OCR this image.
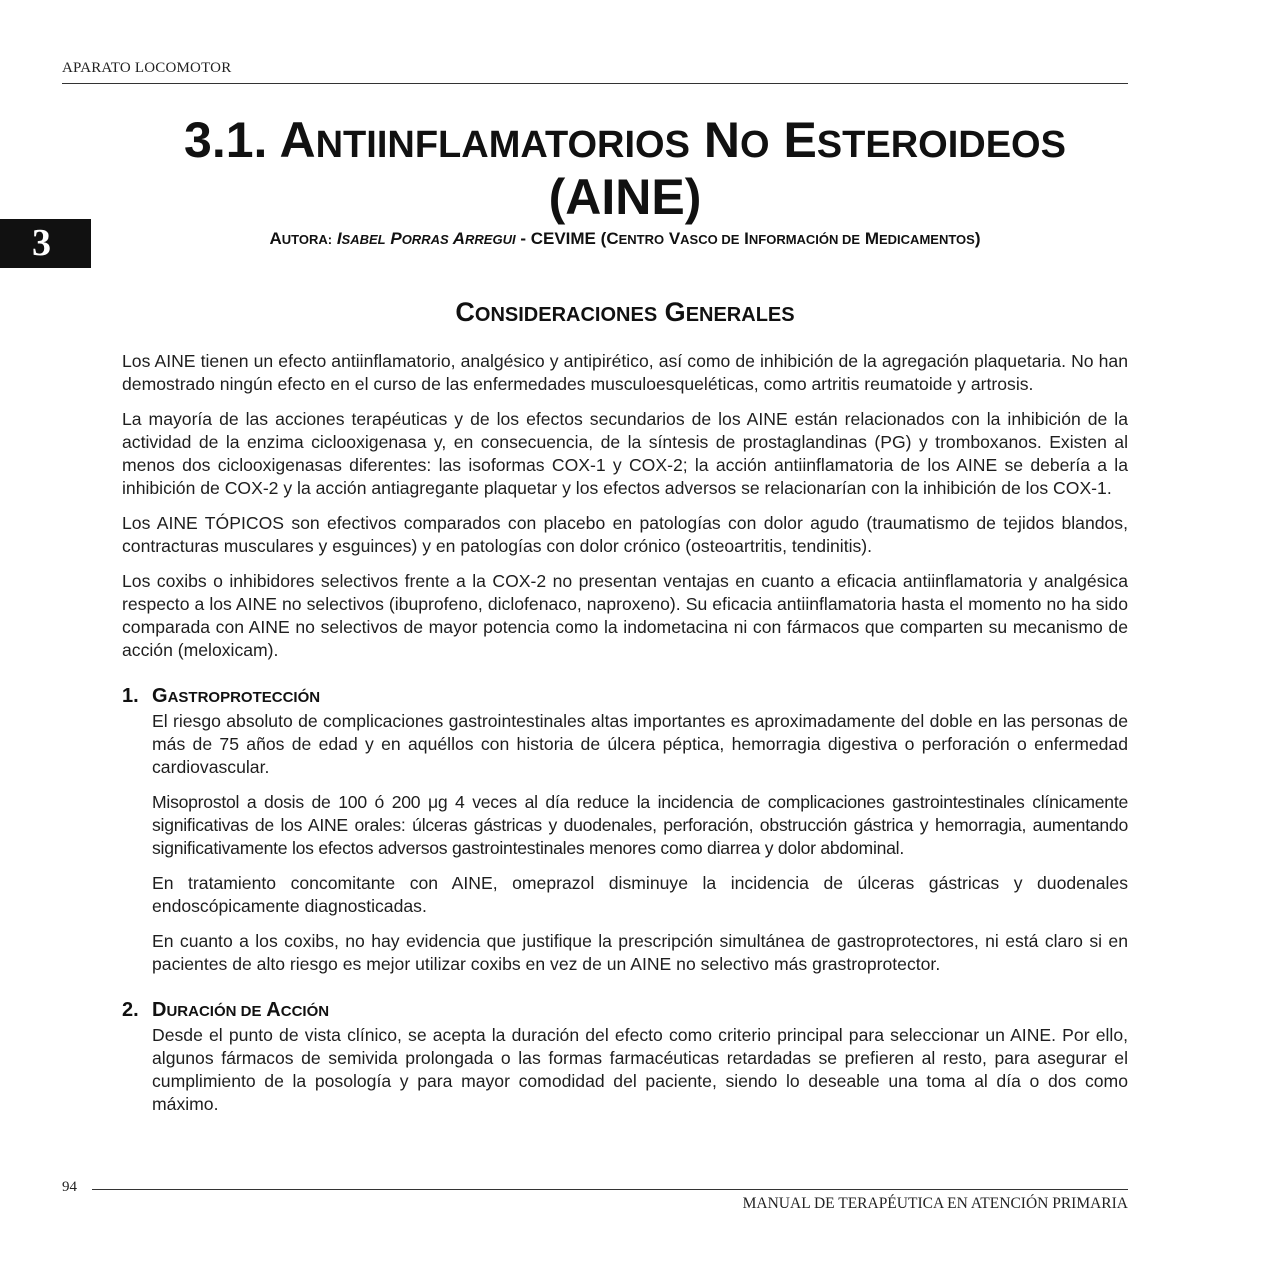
APARATO LOCOMOTOR
3
3.1. ANTIINFLAMATORIOS NO ESTEROIDEOS
(AINE)
AUTORA: ISABEL PORRAS ARREGUI - CEVIME (CENTRO VASCO DE INFORMACIÓN DE MEDICAMENTOS)
CONSIDERACIONES GENERALES

Los AINE tienen un efecto antiinflamatorio, analgésico y antipirético, así como de inhibición de la agregación plaquetaria. No han demostrado ningún efecto en el curso de las enfermedades musculoesqueléticas, como artritis reumatoide y artrosis.

La mayoría de las acciones terapéuticas y de los efectos secundarios de los AINE están relacionados con la inhibición de la actividad de la enzima ciclooxigenasa y, en consecuencia, de la síntesis de prostaglandinas (PG) y tromboxanos. Existen al menos dos ciclooxigenasas diferentes: las isoformas COX-1 y COX-2; la acción antiinflamatoria de los AINE se debería a la inhibición de COX-2 y la acción antiagregante plaquetar y los efectos adversos se relacionarían con la inhibición de los COX-1.

Los AINE TÓPICOS son efectivos comparados con placebo en patologías con dolor agudo (traumatismo de tejidos blandos, contracturas musculares y esguinces) y en patologías con dolor crónico (osteoartritis, tendinitis).

Los coxibs o inhibidores selectivos frente a la COX-2 no presentan ventajas en cuanto a eficacia antiinflamatoria y analgésica respecto a los AINE no selectivos (ibuprofeno, diclofenaco, naproxeno). Su eficacia antiinflamatoria hasta el momento no ha sido comparada con AINE no selectivos de mayor potencia como la indometacina ni con fármacos que comparten su mecanismo de acción (meloxicam).

1. GASTROPROTECCIÓN

El riesgo absoluto de complicaciones gastrointestinales altas importantes es aproximadamente del doble en las personas de más de 75 años de edad y en aquéllos con historia de úlcera péptica, hemorragia digestiva o perforación o enfermedad cardiovascular.

Misoprostol a dosis de 100 ó 200 μg 4 veces al día reduce la incidencia de complicaciones gastrointestinales clínicamente significativas de los AINE orales: úlceras gástricas y duodenales, perforación, obstrucción gástrica y hemorragia, aumentando significativamente los efectos adversos gastrointestinales menores como diarrea y dolor abdominal.

En tratamiento concomitante con AINE, omeprazol disminuye la incidencia de úlceras gástricas y duodenales endoscópicamente diagnosticadas.

En cuanto a los coxibs, no hay evidencia que justifique la prescripción simultánea de gastroprotectores, ni está claro si en pacientes de alto riesgo es mejor utilizar coxibs en vez de un AINE no selectivo más grastroprotector.

2. DURACIÓN DE ACCIÓN

Desde el punto de vista clínico, se acepta la duración del efecto como criterio principal para seleccionar un AINE. Por ello, algunos fármacos de semivida prolongada o las formas farmacéuticas retardadas se prefieren al resto, para asegurar el cumplimiento de la posología y para mayor comodidad del paciente, siendo lo deseable una toma al día o dos como máximo.

94
MANUAL DE TERAPÉUTICA EN ATENCIÓN PRIMARIA
